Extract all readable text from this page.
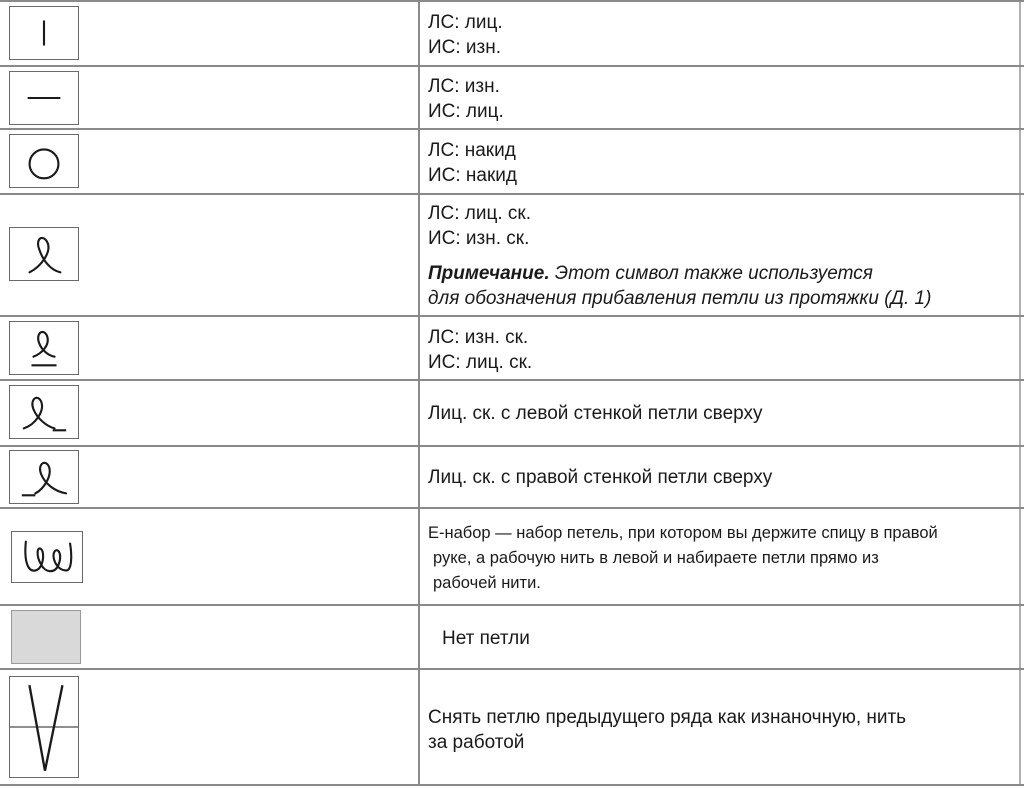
ЛС: лиц.
ИС: изн.
ЛС: изн.
ИС: лиц.
ЛС: накид
ИС: накид
ЛС: лиц. ск.
ИС: изн. ск.
Примечание. Этот символ также используется
для обозначения прибавления петли из протяжки (Д. 1)
ЛС: изн. ск.
ИС: лиц. ск.
Лиц. ск. с левой стенкой петли сверху
Лиц. ск. с правой стенкой петли сверху
Е-набор — набор петель, при котором вы держите спицу в правой
руке, а рабочую нить в левой и набираете петли прямо из
рабочей нити.
Нет петли
Снять петлю предыдущего ряда как изнаночную, нить
за работой
